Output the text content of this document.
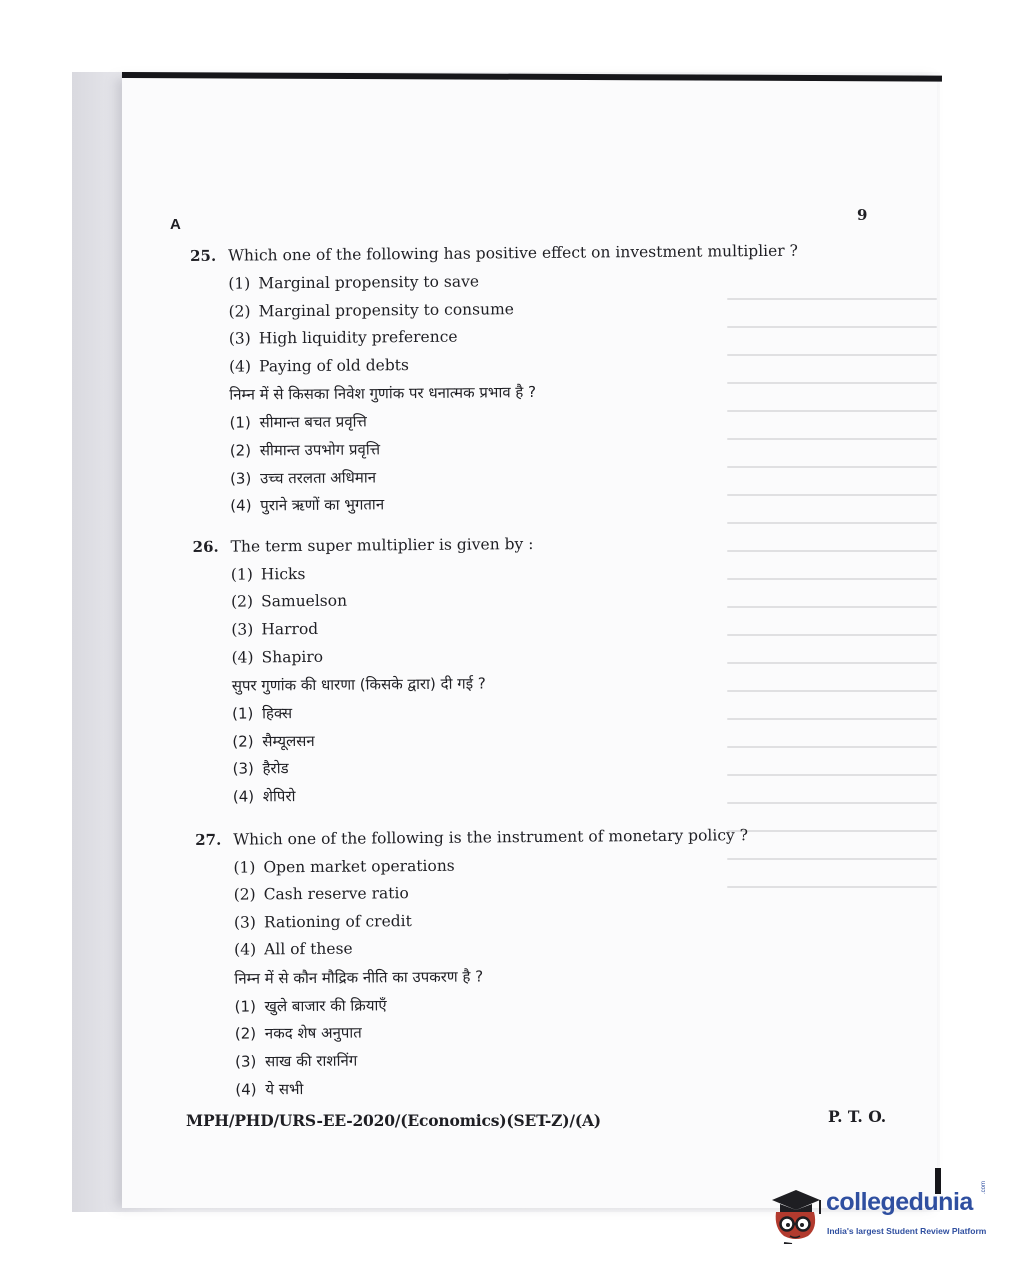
A
9
25. Which one of the following has positive effect on investment multiplier ?
(1) Marginal propensity to save
(2) Marginal propensity to consume
(3) High liquidity preference
(4) Paying of old debts
निम्न में से किसका निवेश गुणांक पर धनात्मक प्रभाव है ?
(1) सीमान्त बचत प्रवृत्ति
(2) सीमान्त उपभोग प्रवृत्ति
(3) उच्च तरलता अधिमान
(4) पुराने ऋणों का भुगतान
26. The term super multiplier is given by :
(1) Hicks
(2) Samuelson
(3) Harrod
(4) Shapiro
सुपर गुणांक की धारणा (किसके द्वारा) दी गई ?
(1) हिक्स
(2) सैम्यूलसन
(3) हैरोड
(4) शेपिरो
27. Which one of the following is the instrument of monetary policy ?
(1) Open market operations
(2) Cash reserve ratio
(3) Rationing of credit
(4) All of these
निम्न में से कौन मौद्रिक नीति का उपकरण है ?
(1) खुले बाजार की क्रियाएँ
(2) नकद शेष अनुपात
(3) साख की राशनिंग
(4) ये सभी
MPH/PHD/URS-EE-2020/(Economics)(SET-Z)/(A)	P. T. O.
collegedunia
.com
India's largest Student Review Platform
